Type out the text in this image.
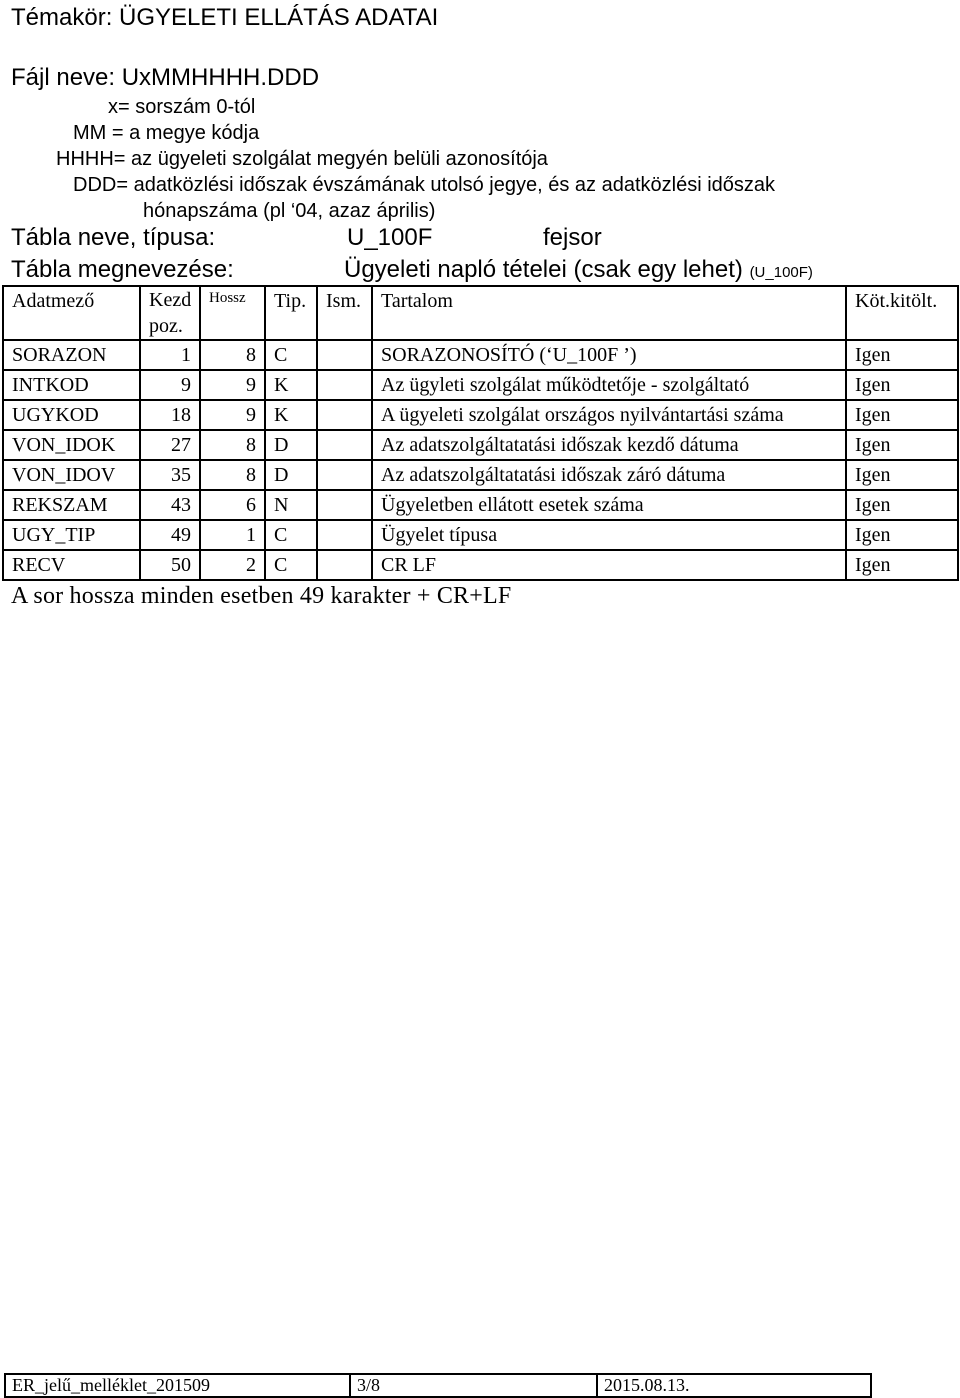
Témakör: ÜGYELETI ELLÁTÁS ADATAI
Fájl neve: UxMMHHHH.DDD
x= sorszám 0-tól
MM = a megye kódja
HHHH= az ügyeleti szolgálat megyén belüli azonosítója
DDD= adatközlési időszak évszámának utolsó jegye, és az adatközlési időszak
hónapszáma (pl ‘04, azaz április)
Tábla neve, típusa:	U_100F	fejsor
Tábla megnevezése:	Ügyeleti napló tételei (csak egy lehet) (U_100F)
Adatmező	Kezd poz.	Hossz	Tip.	Ism.	Tartalom	Köt.kitölt.
SORAZON	1	8	C		SORAZONOSÍTÓ (‘U_100F ’)	Igen
INTKOD	9	9	K		Az ügyleti szolgálat működtetője - szolgáltató	Igen
UGYKOD	18	9	K		A ügyeleti szolgálat országos nyilvántartási száma	Igen
VON_IDOK	27	8	D		Az adatszolgáltatatási időszak kezdő dátuma	Igen
VON_IDOV	35	8	D		Az adatszolgáltatatási időszak záró dátuma	Igen
REKSZAM	43	6	N		Ügyeletben ellátott esetek száma	Igen
UGY_TIP	49	1	C		Ügyelet típusa	Igen
RECV	50	2	C		CR LF	Igen
A sor hossza minden esetben 49 karakter + CR+LF
ER_jelű_melléklet_201509	3/8	2015.08.13.
